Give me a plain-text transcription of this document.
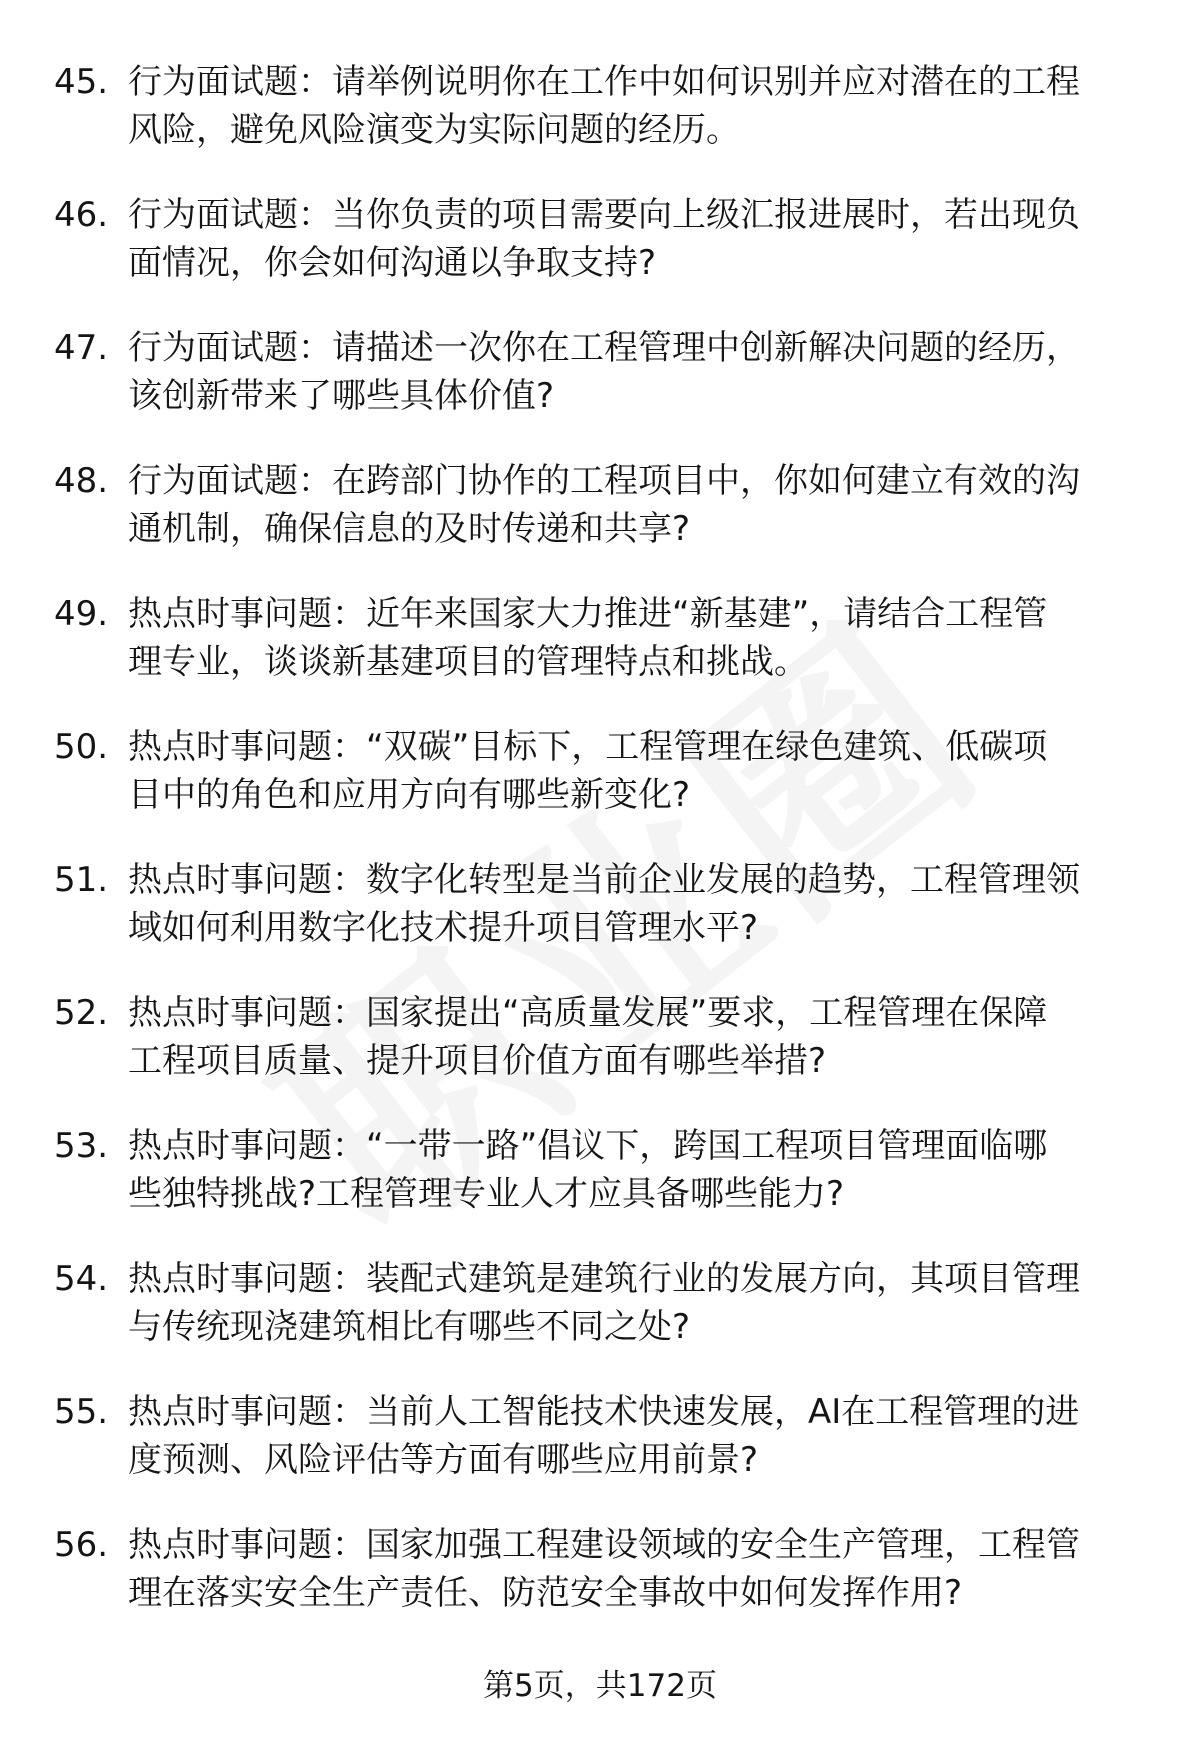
45. 行为面试题：请举例说明你在工作中如何识别并应对潜在的工程
风险，避免风险演变为实际问题的经历。
46. 行为面试题：当你负责的项目需要向上级汇报进展时，若出现负
面情况，你会如何沟通以争取支持?
47. 行为面试题：请描述一次你在工程管理中创新解决问题的经历，
该创新带来了哪些具体价值?
48. 行为面试题：在跨部门协作的工程项目中，你如何建立有效的沟
通机制，确保信息的及时传递和共享?
49. 热点时事问题：近年来国家大力推进“新基建”，请结合工程管
理专业，谈谈新基建项目的管理特点和挑战。
50. 热点时事问题：“双碳”目标下，工程管理在绿色建筑、低碳项
目中的角色和应用方向有哪些新变化?
51. 热点时事问题：数字化转型是当前企业发展的趋势，工程管理领
域如何利用数字化技术提升项目管理水平?
52. 热点时事问题：国家提出“高质量发展”要求，工程管理在保障
工程项目质量、提升项目价值方面有哪些举措?
53. 热点时事问题：“一带一路”倡议下，跨国工程项目管理面临哪
些独特挑战?工程管理专业人才应具备哪些能力?
54. 热点时事问题：装配式建筑是建筑行业的发展方向，其项目管理
与传统现浇建筑相比有哪些不同之处?
55. 热点时事问题：当前人工智能技术快速发展，AI在工程管理的进
度预测、风险评估等方面有哪些应用前景?
56. 热点时事问题：国家加强工程建设领域的安全生产管理，工程管
理在落实安全生产责任、防范安全事故中如何发挥作用?
第5页，共172页
